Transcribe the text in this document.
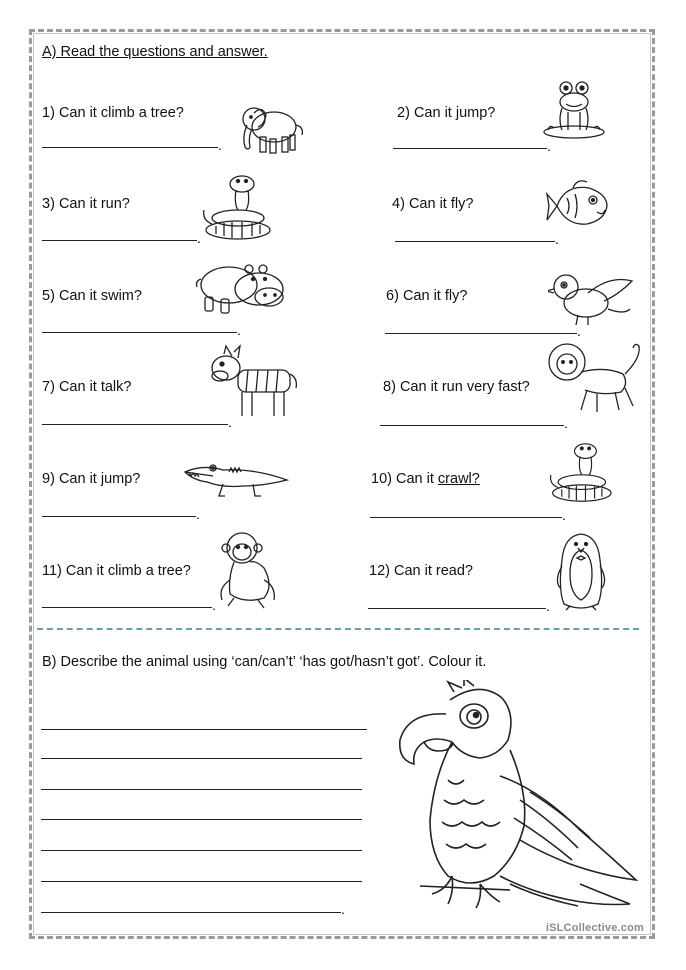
A) Read the questions and answer.
1) Can it climb a tree?
.
2) Can it jump?
.
3) Can it run?
.
4) Can it fly?
.
5) Can it swim?
.
6) Can it fly?
.
7) Can it talk?
.
8) Can it run very fast?
.
9) Can it jump?
.
10) Can it crawl?
.
11) Can it climb a tree?
.
12) Can it read?
.
B) Describe the animal using ‘can/can’t’ ‘has got/hasn’t got’. Colour it.
.
iSLCollective.com
